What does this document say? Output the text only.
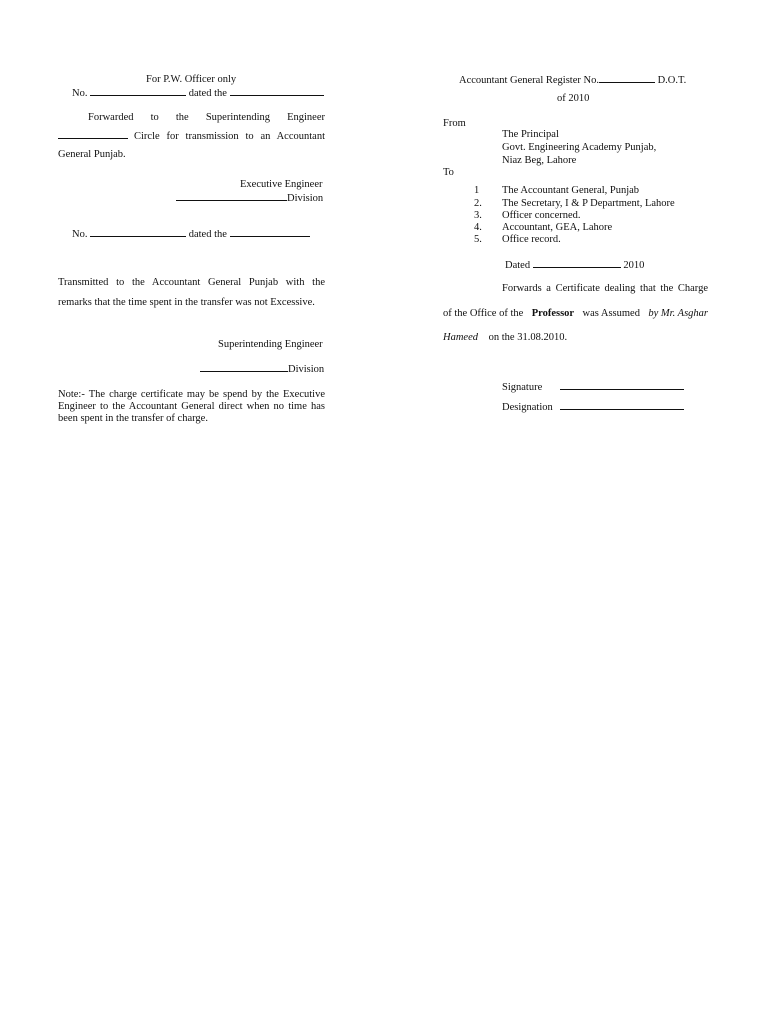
For P.W. Officer only
No.	dated the
Forwarded to the Superintending Engineer
Circle for transmission to an Accountant
General Punjab.
Executive Engineer
Division
No.	dated the
Transmitted to the Accountant General Punjab with the
remarks that the time spent in the transfer was not Excessive.
Superintending Engineer
Division
Note:- The charge certificate may be spend by the Executive
Engineer to the Accountant General direct when no time has
been spent in the transfer of charge.
Accountant General Register No.	D.O.T.
of 2010
From
The Principal
Govt. Engineering Academy Punjab,
Niaz Beg, Lahore
To
1 The Accountant General, Punjab
2. The Secretary, I & P Department, Lahore
3. Officer concerned.
4. Accountant, GEA, Lahore
5. Office record.
Dated	2010
Forwards a Certificate dealing that the Charge
of the Office of the Professor was Assumed by Mr. Asghar
Hameed on the 31.08.2010.
Signature
Designation
